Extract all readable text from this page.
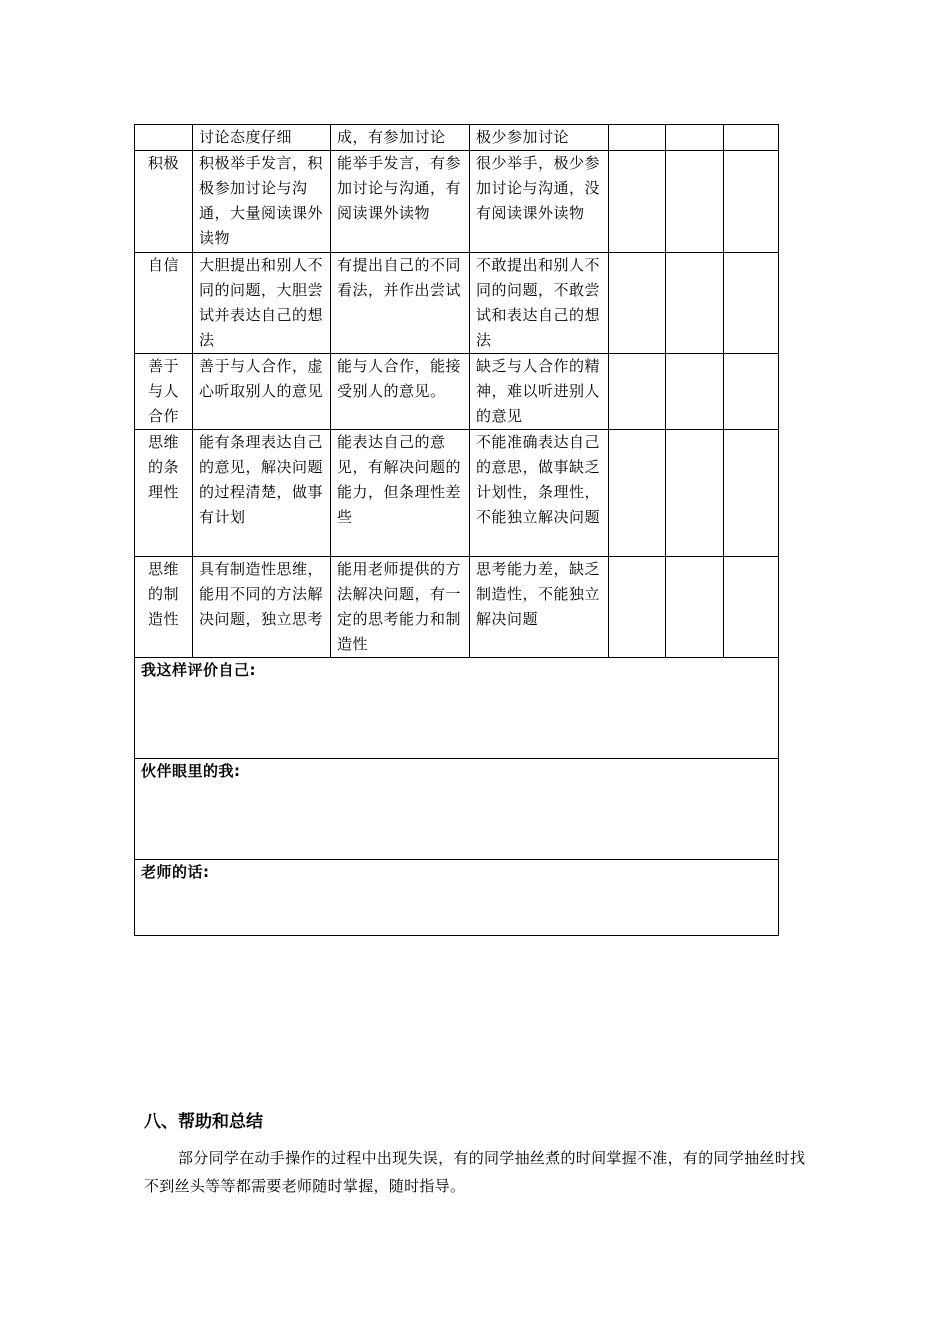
	讨论态度仔细	成，有参加讨论	极少参加讨论			
积极	积极举手发言，积极参加讨论与沟通，大量阅读课外读物	能举手发言，有参加讨论与沟通，有阅读课外读物	很少举手，极少参加讨论与沟通，没有阅读课外读物			
自信	大胆提出和别人不同的问题，大胆尝试并表达自己的想法	有提出自己的不同看法，并作出尝试	不敢提出和别人不同的问题，不敢尝试和表达自己的想法			
善于与人合作	善于与人合作，虚心听取别人的意见	能与人合作，能接受别人的意见。	缺乏与人合作的精神，难以听进别人的意见			
思维的条理性	能有条理表达自己的意见，解决问题的过程清楚，做事有计划	能表达自己的意见，有解决问题的能力，但条理性差些	不能准确表达自己的意思，做事缺乏计划性，条理性，不能独立解决问题			
思维的制造性	具有制造性思维，能用不同的方法解决问题，独立思考	能用老师提供的方法解决问题，有一定的思考能力和制造性	思考能力差，缺乏制造性，不能独立解决问题			
我这样评价自己:						
伙伴眼里的我:						
老师的话:						
八、帮助和总结

部分同学在动手操作的过程中出现失误，有的同学抽丝煮的时间掌握不准，有的同学抽丝时找不到丝头等等都需要老师随时掌握，随时指导。
